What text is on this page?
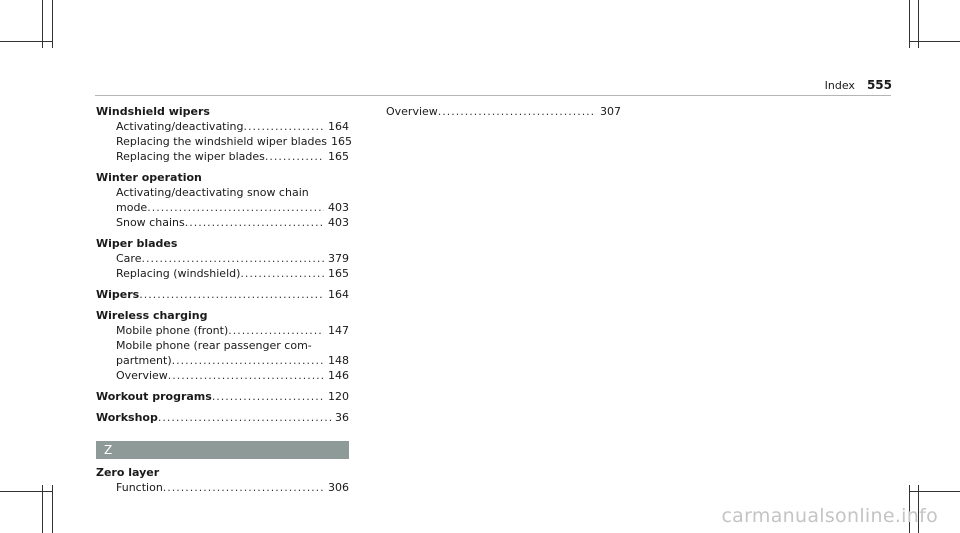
Index 555
Windshield wipers
Activating/deactivating .....	164
Replacing the windshield wiper blades 165
Replacing the wiper blades .....	165
Winter operation
Activating/deactivating snow chain
mode .....	403
Snow chains .....	403
Wiper blades
Care .....	379
Replacing (windshield) .....	165
Wipers .....	164
Wireless charging
Mobile phone (front) .....	147
Mobile phone (rear passenger com-
partment) .....	148
Overview .....	146
Workout programs .....	120
Workshop .....	36
Z
Zero layer
Function .....	306
Overview .....	307
carmanualsonline.info
